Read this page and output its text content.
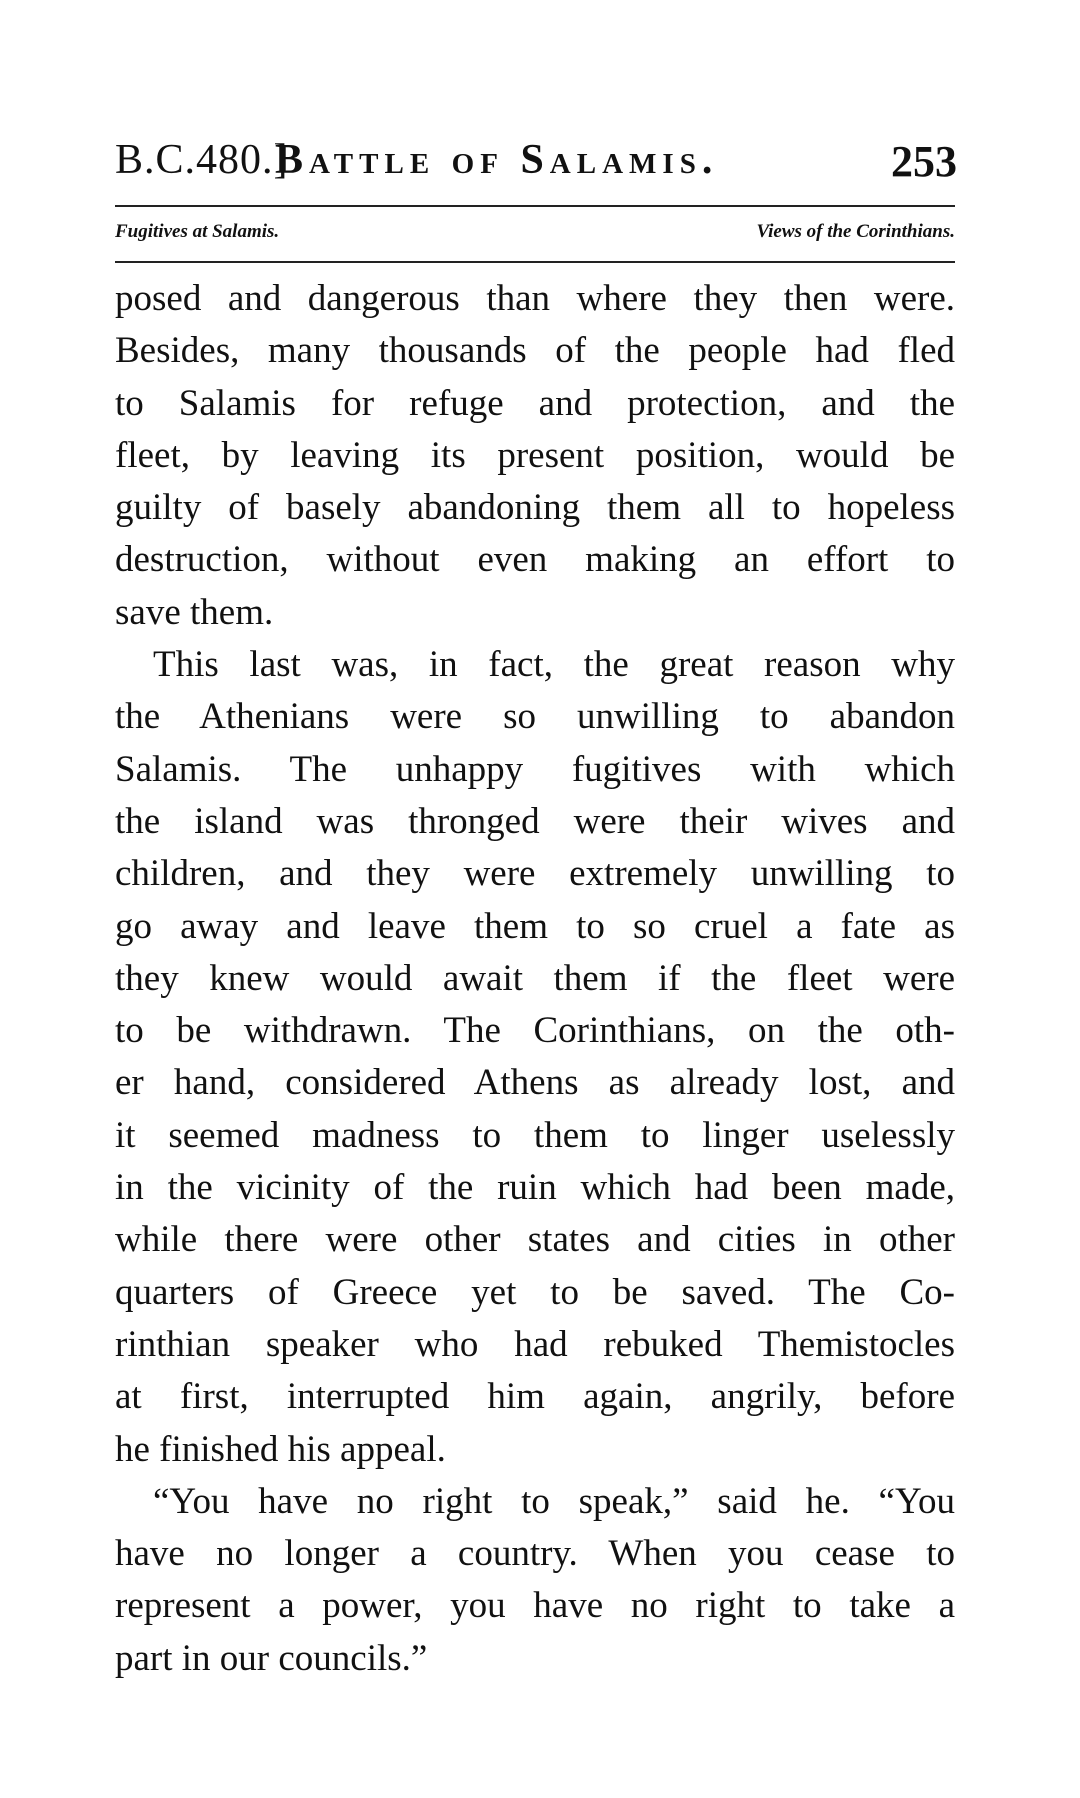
B.C.480.]
Battle of Salamis.	253
Fugitives at Salamis.	Views of the Corinthians.
posed and dangerous than where they then were.
Besides, many thousands of the people had fled
to Salamis for refuge and protection, and the
fleet, by leaving its present position, would be
guilty of basely abandoning them all to hopeless
destruction, without even making an effort to
save them.
This last was, in fact, the great reason why
the Athenians were so unwilling to abandon
Salamis. The unhappy fugitives with which
the island was thronged were their wives and
children, and they were extremely unwilling to
go away and leave them to so cruel a fate as
they knew would await them if the fleet were
to be withdrawn. The Corinthians, on the oth-
er hand, considered Athens as already lost, and
it seemed madness to them to linger uselessly
in the vicinity of the ruin which had been made,
while there were other states and cities in other
quarters of Greece yet to be saved. The Co-
rinthian speaker who had rebuked Themistocles
at first, interrupted him again, angrily, before
he finished his appeal.
“You have no right to speak,” said he. “You
have no longer a country. When you cease to
represent a power, you have no right to take a
part in our councils.”
